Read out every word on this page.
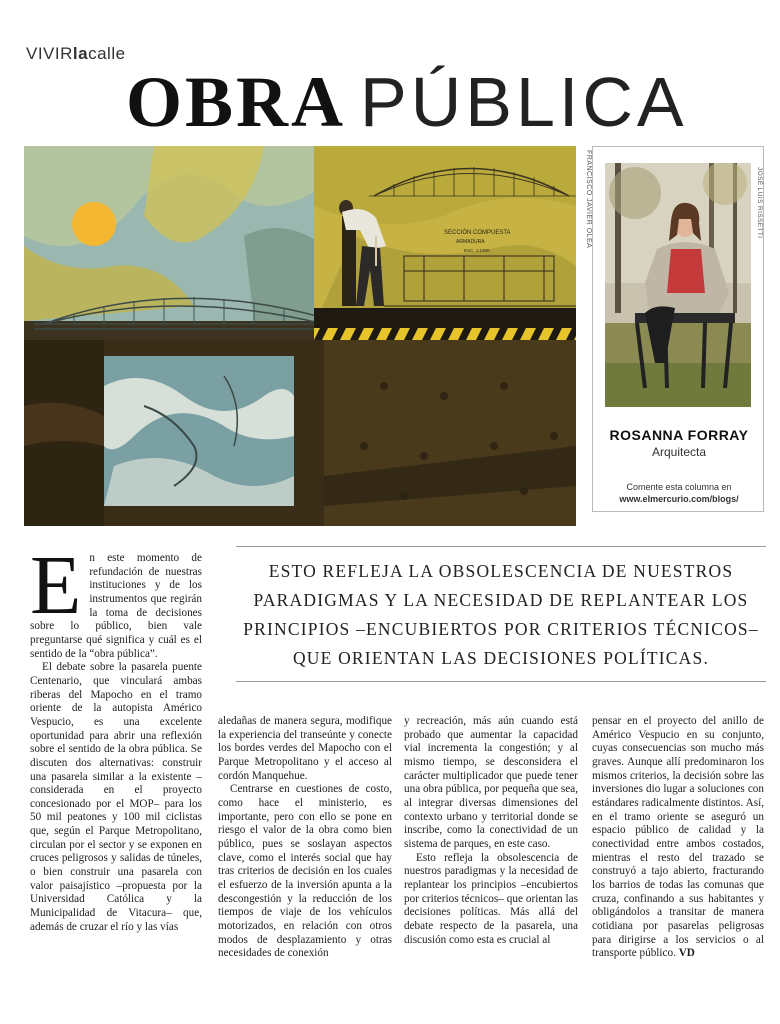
VIVIRlacalle
OBRA PÚBLICA
SECCIÓN COMPUESTA
ARMADURA
ESC. 1:1000
FRANCISCO JAVIER OLEA	JOSÉ LUIS RISSETTI
ROSANNA FORRAY
Arquitecta
Comente esta columna en
www.elmercurio.com/blogs/

ESTO REFLEJA LA OBSOLESCENCIA DE NUESTROS PARADIGMAS Y LA NECESIDAD DE REPLANTEAR LOS PRINCIPIOS –ENCUBIERTOS POR CRITERIOS TÉCNICOS– QUE ORIENTAN LAS DECISIONES POLÍTICAS.

E n este momento de refundación de nuestras instituciones y de los instrumentos que regirán la toma de decisiones sobre lo público, bien vale preguntarse qué significa y cuál es el sentido de la “obra pública”.

El debate sobre la pasarela puente Centenario, que vinculará ambas riberas del Mapocho en el tramo oriente de la autopista Américo Vespucio, es una excelente oportunidad para abrir una reflexión sobre el sentido de la obra pública. Se discuten dos alternativas: construir una pasarela similar a la existente –considerada en el proyecto concesionado por el MOP– para los 50 mil peatones y 100 mil ciclistas que, según el Parque Metropolitano, circulan por el sector y se exponen en cruces peligrosos y salidas de túneles, o bien construir una pasarela con valor paisajístico –propuesta por la Universidad Católica y la Municipalidad de Vitacura– que, además de cruzar el río y las vías

aledañas de manera segura, modifique la experiencia del transeúnte y conecte los bordes verdes del Mapocho con el Parque Metropolitano y el acceso al cordón Manquehue.

Centrarse en cuestiones de costo, como hace el ministerio, es importante, pero con ello se pone en riesgo el valor de la obra como bien público, pues se soslayan aspectos clave, como el interés social que hay tras criterios de decisión en los cuales el esfuerzo de la inversión apunta a la descongestión y la reducción de los tiempos de viaje de los vehículos motorizados, en relación con otros modos de desplazamiento y otras necesidades de conexión

y recreación, más aún cuando está probado que aumentar la capacidad vial incrementa la congestión; y al mismo tiempo, se desconsidera el carácter multiplicador que puede tener una obra pública, por pequeña que sea, al integrar diversas dimensiones del contexto urbano y territorial donde se inscribe, como la conectividad de un sistema de parques, en este caso.

Esto refleja la obsolescencia de nuestros paradigmas y la necesidad de replantear los principios –encubiertos por criterios técnicos– que orientan las decisiones políticas. Más allá del debate respecto de la pasarela, una discusión como esta es crucial al

pensar en el proyecto del anillo de Américo Vespucio en su conjunto, cuyas consecuencias son mucho más graves. Aunque allí predominaron los mismos criterios, la decisión sobre las inversiones dio lugar a soluciones con estándares radicalmente distintos. Así, en el tramo oriente se aseguró un espacio público de calidad y la conectividad entre ambos costados, mientras el resto del trazado se construyó a tajo abierto, fracturando los barrios de todas las comunas que cruza, confinando a sus habitantes y obligándolos a transitar de manera cotidiana por pasarelas peligrosas para dirigirse a los servicios o al transporte público. VD
